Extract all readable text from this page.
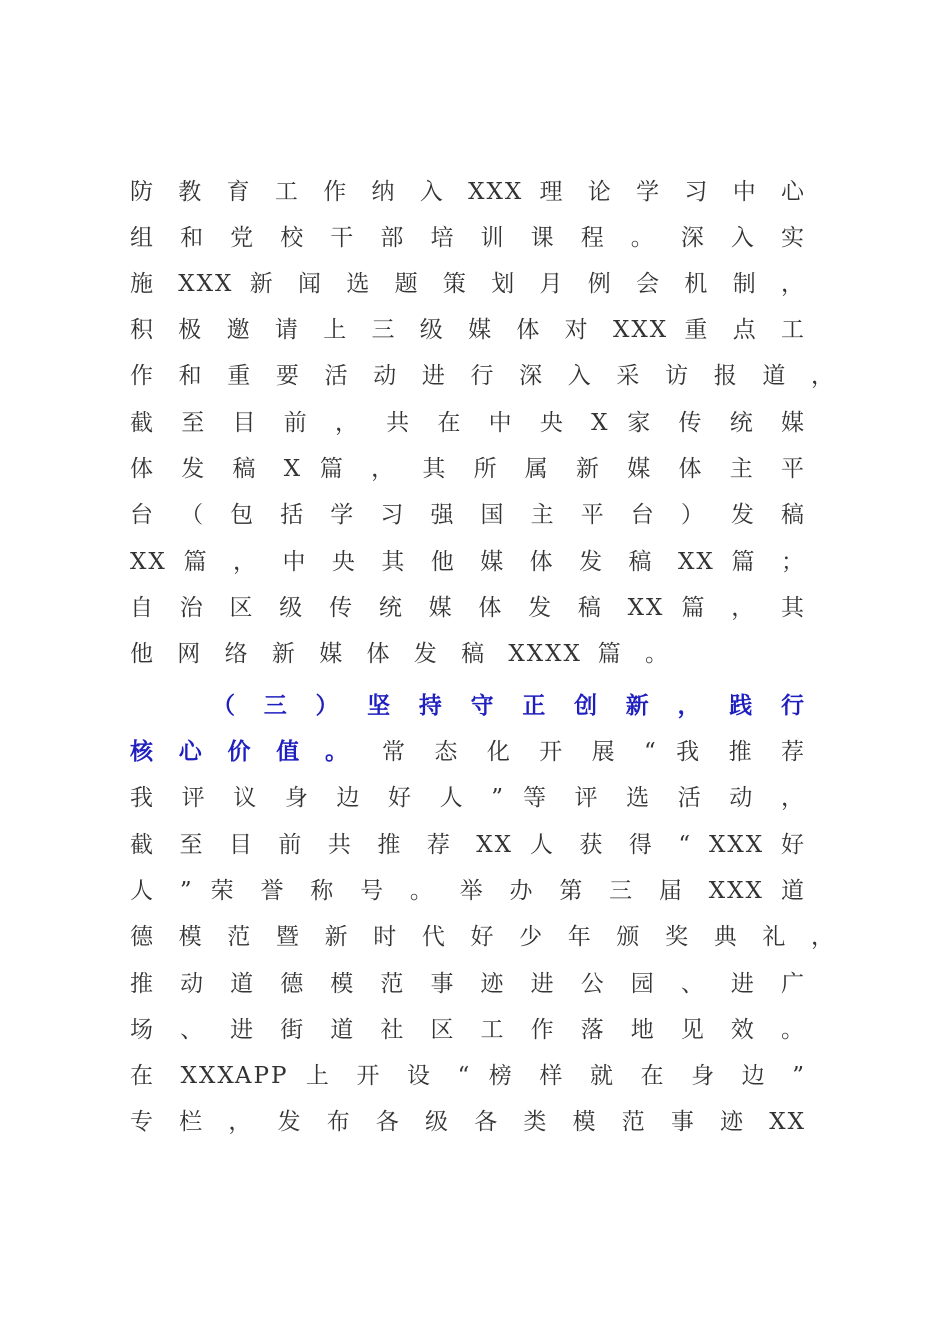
防 教 育 工 作 纳 入 XXX 理 论 学 习 中 心
组 和 党 校 干 部 培 训 课 程 。 深 入 实
施 XXX 新 闻 选 题 策 划 月 例 会 机 制 ，
积 极 邀 请 上 三 级 媒 体 对 XXX 重 点 工
作 和 重 要 活 动 进 行 深 入 采 访 报 道 ，
截 至 目 前 ， 共 在 中 央 X 家 传 统 媒
体 发 稿 X 篇 ， 其 所 属 新 媒 体 主 平
台 （ 包 括 学 习 强 国 主 平 台 ） 发 稿
XX 篇 ， 中 央 其 他 媒 体 发 稿 XX 篇 ；
自 治 区 级 传 统 媒 体 发 稿 XX 篇 ， 其
他 网 络 新 媒 体 发 稿 XXXX 篇 。
（ 三 ） 坚 持 守 正 创 新 ， 践 行
核 心 价 值 。 常 态 化 开 展 “ 我 推 荐
我 评 议 身 边 好 人 ” 等 评 选 活 动 ，
截 至 目 前 共 推 荐 XX 人 获 得 “ XXX 好
人 ” 荣 誉 称 号 。 举 办 第 三 届 XXX 道
德 模 范 暨 新 时 代 好 少 年 颁 奖 典 礼 ，
推 动 道 德 模 范 事 迹 进 公 园 、 进 广
场 、 进 街 道 社 区 工 作 落 地 见 效 。
在 XXXAPP 上 开 设 “ 榜 样 就 在 身 边 ”
专 栏 ， 发 布 各 级 各 类 模 范 事 迹 XX
